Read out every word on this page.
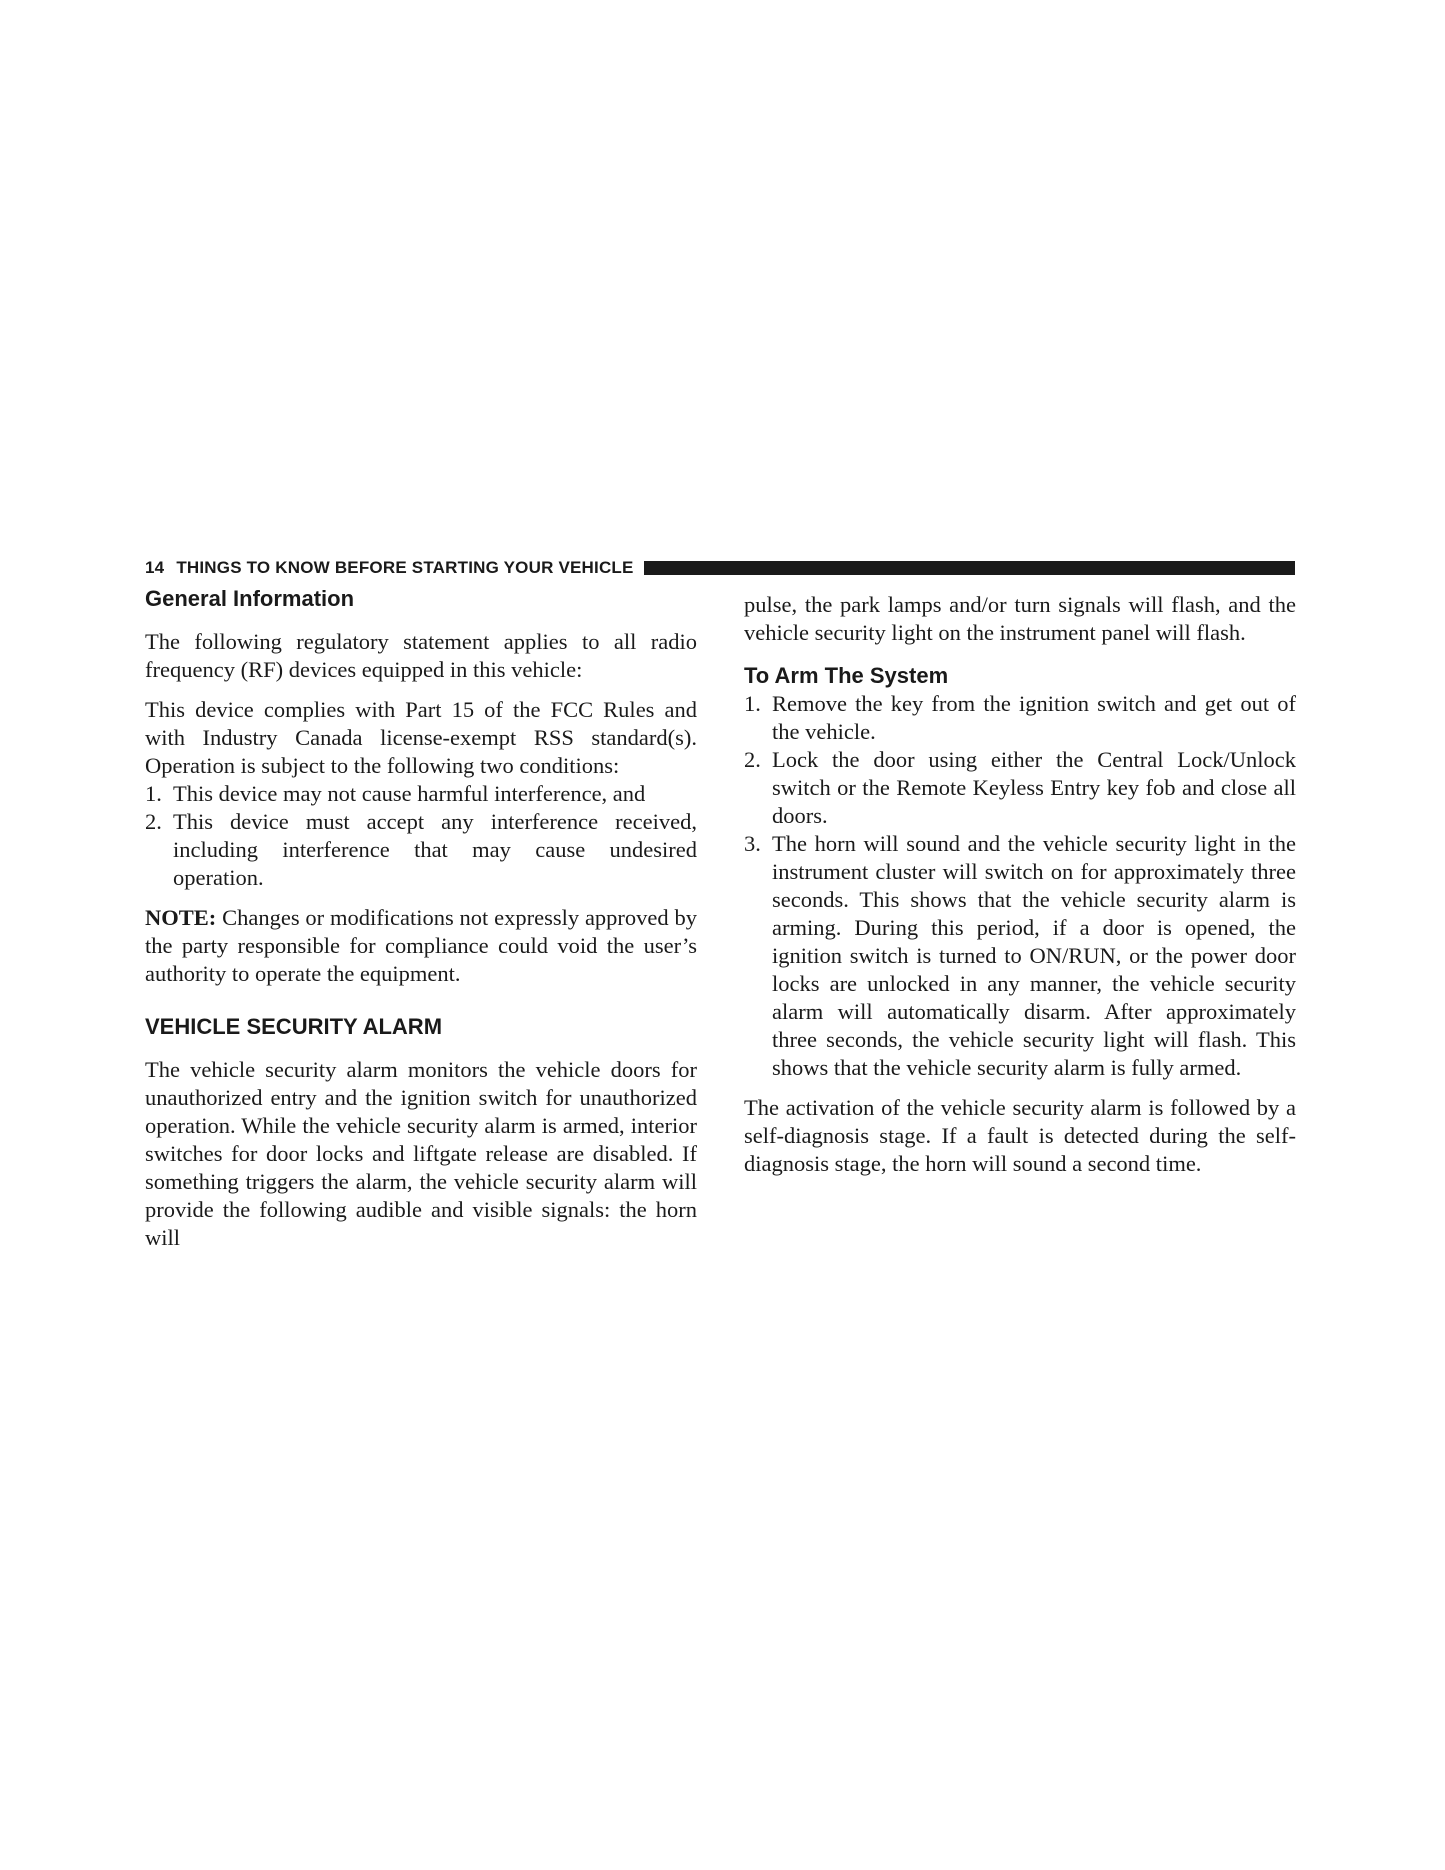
14 THINGS TO KNOW BEFORE STARTING YOUR VEHICLE
General Information

The following regulatory statement applies to all radio frequency (RF) devices equipped in this vehicle:

This device complies with Part 15 of the FCC Rules and with Industry Canada license-exempt RSS standard(s). Operation is subject to the following two conditions:

1. This device may not cause harmful interference, and
2. This device must accept any interference received, including interference that may cause undesired operation.

NOTE: Changes or modifications not expressly approved by the party responsible for compliance could void the user’s authority to operate the equipment.

VEHICLE SECURITY ALARM

The vehicle security alarm monitors the vehicle doors for unauthorized entry and the ignition switch for unauthorized operation. While the vehicle security alarm is armed, interior switches for door locks and liftgate release are disabled. If something triggers the alarm, the vehicle security alarm will provide the following audible and visible signals: the horn will

pulse, the park lamps and/or turn signals will flash, and the vehicle security light on the instrument panel will flash.

To Arm The System
1. Remove the key from the ignition switch and get out of the vehicle.
2. Lock the door using either the Central Lock/Unlock switch or the Remote Keyless Entry key fob and close all doors.
3. The horn will sound and the vehicle security light in the instrument cluster will switch on for approximately three seconds. This shows that the vehicle security alarm is arming. During this period, if a door is opened, the ignition switch is turned to ON/RUN, or the power door locks are unlocked in any manner, the vehicle security alarm will automatically disarm. After approximately three seconds, the vehicle security light will flash. This shows that the vehicle security alarm is fully armed.

The activation of the vehicle security alarm is followed by a self-diagnosis stage. If a fault is detected during the self-diagnosis stage, the horn will sound a second time.
